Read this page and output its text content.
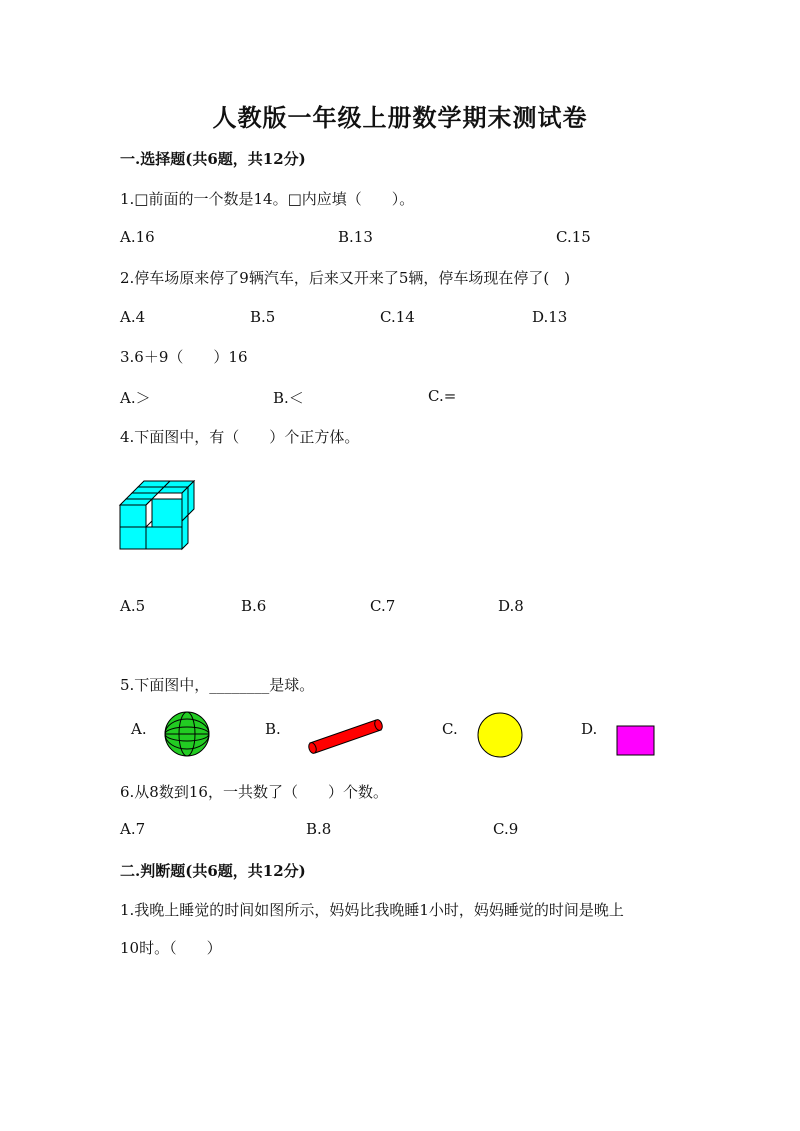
人教版一年级上册数学期末测试卷
一.选择题(共6题，共12分)
1.□前面的一个数是14。□内应填（　　）。
A.16	B.13	C.15
2.停车场原来停了9辆汽车，后来又开来了5辆，停车场现在停了(　)
A.4	B.5	C.14	D.13
3.6＋9（　　）16
A.＞	B.＜	C.=
4.下面图中，有（　　）个正方体。
A.5	B.6	C.7	D.8
5.下面图中，________是球。
A.	B.	C.	D.
6.从8数到16，一共数了（　　）个数。
A.7	B.8	C.9
二.判断题(共6题，共12分)
1.我晚上睡觉的时间如图所示，妈妈比我晚睡1小时，妈妈睡觉的时间是晚上
10时。（　　）
